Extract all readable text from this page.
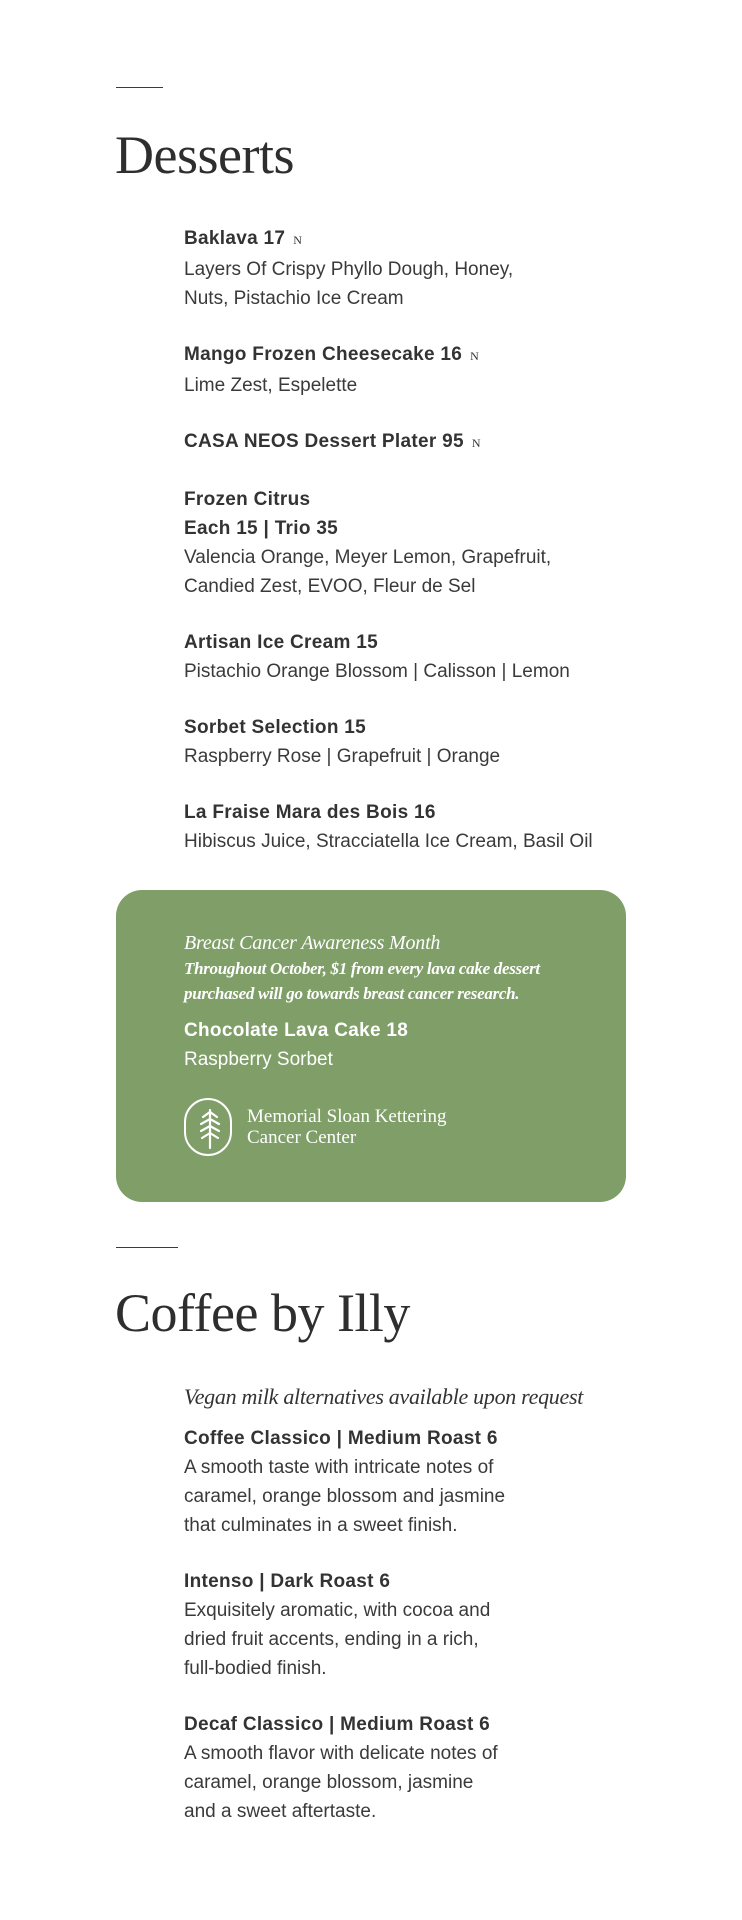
Desserts
Baklava 17 N
Layers Of Crispy Phyllo Dough, Honey,
Nuts, Pistachio Ice Cream
Mango Frozen Cheesecake 16 N
Lime Zest, Espelette
CASA NEOS Dessert Plater 95 N
Frozen Citrus
Each 15 | Trio 35
Valencia Orange, Meyer Lemon, Grapefruit,
Candied Zest, EVOO, Fleur de Sel
Artisan Ice Cream 15
Pistachio Orange Blossom | Calisson | Lemon
Sorbet Selection 15
Raspberry Rose | Grapefruit | Orange
La Fraise Mara des Bois 16
Hibiscus Juice, Stracciatella Ice Cream, Basil Oil
Breast Cancer Awareness Month
Throughout October, $1 from every lava cake dessert
purchased will go towards breast cancer research.
Chocolate Lava Cake 18
Raspberry Sorbet
Memorial Sloan Kettering
Cancer Center
Coffee by Illy
Vegan milk alternatives available upon request
Coffee Classico | Medium Roast 6
A smooth taste with intricate notes of
caramel, orange blossom and jasmine
that culminates in a sweet finish.
Intenso | Dark Roast 6
Exquisitely aromatic, with cocoa and
dried fruit accents, ending in a rich,
full-bodied finish.
Decaf Classico | Medium Roast 6
A smooth flavor with delicate notes of
caramel, orange blossom, jasmine
and a sweet aftertaste.
